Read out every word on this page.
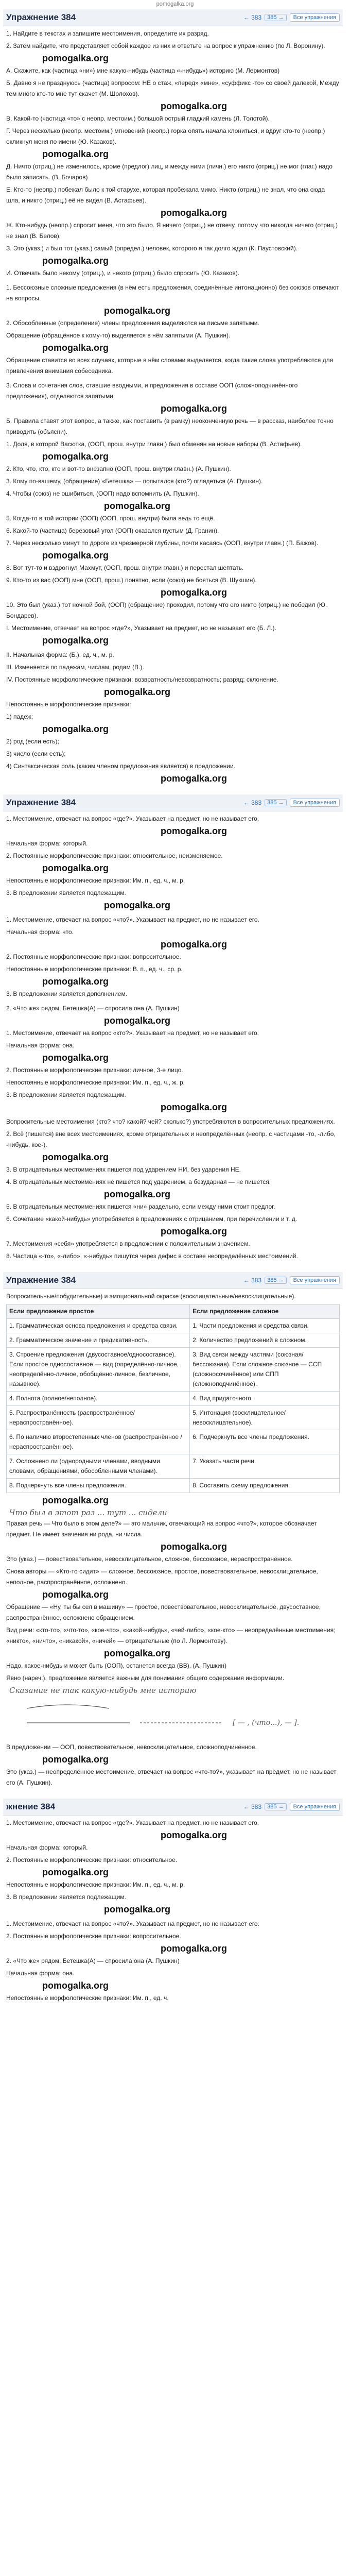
pomogalka.org
Упражнение 384	← 383	385 →	Все упражнения

1. Найдите в текстах и запишите местоимения, определите их разряд.

2. Затем найдите, что представляет собой каждое из них и ответьте на вопрос к упражнению (по Л. Воронину).

pomogalka.org

А. Скажите, как (частица «ни») мне какую-нибудь (частица «-нибудь») историю (М. Лермонтов)

Б. Давно я не празднуюсь (частица) вопросом: НЕ о стаж, «перед» «мне», «суффикс -то» со своей далекой, Между тем много кто-то мне тут скачет (М. Шолохов).

pomogalka.org

В. Какой-то (частица «то» с неопр. местоим.) большой острый гладкий камень (Л. Толстой).

Г. Через несколько (неопр. местоим.) мгновений (неопр.) горка опять начала клониться, и вдруг кто-то (неопр.) окликнул меня по имени (Ю. Казаков).

pomogalka.org

Д. Ничто (отриц.) не изменилось, кроме (предлог) лиц, и между ними (личн.) его никто (отриц.) не мог (глаг.) надо было записать. (В. Бочаров)

Е. Кто-то (неопр.) побежал было к той старухе, которая пробежала мимо. Никто (отриц.) не знал, что она сюда шла, и никто (отриц.) её не видел (В. Астафьев).

pomogalka.org

Ж. Кто-нибудь (неопр.) спросит меня, что это было. Я ничего (отриц.) не отвечу, потому что никогда ничего (отриц.) не знал (В. Белов).

З. Это (указ.) и был тот (указ.) самый (определ.) человек, которого я так долго ждал (К. Паустовский).

pomogalka.org

И. Отвечать было некому (отриц.), и некого (отриц.) было спросить (Ю. Казаков).

1. Бессоюзные сложные предложения (в нём есть предложения, соединённые интонационно) без союзов отвечают на вопросы.

pomogalka.org

2. Обособленные (определение) члены предложения выделяются на письме запятыми.

Обращение (обращённое к кому-то) выделяется в нём запятыми (А. Пушкин).

pomogalka.org

Обращение ставится во всех случаях, которые в нём словами выделяется, когда такие слова употребляются для привлечения внимания собеседника.

3. Слова и сочетания слов, ставшие вводными, и предложения в составе ООП (сложноподчинённого предложения), отделяются запятыми.

pomogalka.org

Б. Правила ставят этот вопрос, а также, как поставить (в рамку) неоконченную речь — в рассказ, наиболее точно приводить (объясни).

1. Доля, в которой Васютка, (ООП, прош. внутри главн.) был обменян на новые наборы (В. Астафьев).

pomogalka.org

2. Кто, что, кто, кто и вот-то внезапно (ООП, прош. внутри главн.) (А. Пушкин).

3. Кому по-вашему, (обращение) «Бетешка» — попытался (кто?) оглядеться (А. Пушкин).

4. Чтобы (союз) не ошибиться, (ООП) надо вспомнить (А. Пушкин).

pomogalka.org

5. Когда-то в той истории (ООП) (ООП, прош. внутри) была ведь то ещё.

6. Какой-то (частица) берёзовый угол (ООП) оказался пустым (Д. Гранин).

7. Через несколько минут по дороге из чрезмерной глубины, почти касаясь (ООП, внутри главн.) (П. Бажов).

pomogalka.org

8. Вот тут-то и вздрогнул Махмут, (ООП, прош. внутри главн.) и перестал шептать.

9. Кто-то из вас (ООП) мне (ООП, прош.) понятно, если (союз) не бояться (В. Шукшин).

pomogalka.org

10. Это был (указ.) тот ночной бой, (ООП) (обращение) проходил, потому что его никто (отриц.) не победил (Ю. Бондарев).

I. Местоимение, отвечает на вопрос «где?», Указывает на предмет, но не называет его (Б. Л.).

pomogalka.org

II. Начальная форма: (Б.), ед. ч., м. р.

III. Изменяется по падежам, числам, родам (В.).

IV. Постоянные морфологические признаки: возвратность/невозвратность; разряд; склонение.

pomogalka.org

Непостоянные морфологические признаки:

1) падеж;

pomogalka.org

2) род (если есть);

3) число (если есть);

4) Синтаксическая роль (каким членом предложения является) в предложении.

pomogalka.org

Упражнение 384	← 383	385 →	Все упражнения

1. Местоимение, отвечает на вопрос «где?». Указывает на предмет, но не называет его.

pomogalka.org

Начальная форма: который.

2. Постоянные морфологические признаки: относительное, неизменяемое.

pomogalka.org

Непостоянные морфологические признаки: Им. п., ед. ч., м. р.

3. В предложении является подлежащим.

pomogalka.org

1. Местоимение, отвечает на вопрос «что?». Указывает на предмет, но не называет его.

Начальная форма: что.

pomogalka.org

2. Постоянные морфологические признаки: вопросительное.

Непостоянные морфологические признаки: В. п., ед. ч., ср. р.

pomogalka.org

3. В предложении является дополнением.

2. «Что же» рядом, Бетешка(А) — спросила она (А. Пушкин)

pomogalka.org

1. Местоимение, отвечает на вопрос «кто?». Указывает на предмет, но не называет его.

Начальная форма: она.

pomogalka.org

2. Постоянные морфологические признаки: личное, 3-е лицо.

Непостоянные морфологические признаки: Им. п., ед. ч., ж. р.

3. В предложении является подлежащим.

pomogalka.org

Вопросительные местоимения (кто? что? какой? чей? сколько?) употребляются в вопросительных предложениях.

2. Всё (пишется) вне всех местоимениях, кроме отрицательных и неопределённых (неопр. с частицами -то, -либо, -нибудь, кое-).

pomogalka.org

3. В отрицательных местоимениях пишется под ударением НИ, без ударения НЕ.

4. В отрицательных местоимениях не пишется под ударением, а безударная — не пишется.

pomogalka.org

5. В отрицательных местоимениях пишется «ни» раздельно, если между ними стоит предлог.

6. Сочетание «какой-нибудь» употребляется в предложениях с отрицанием, при перечислении и т. д.

pomogalka.org

7. Местоимения «себя» употребляется в предложении с положительным значением.

8. Частица «-то», «-либо», «-нибудь» пишутся через дефис в составе неопределённых местоимений.

Упражнение 384	← 383	385 →	Все упражнения

Вопросительные/побудительные) и эмоциональной окраске (восклицательные/невосклицательные).

Если предложение простое	Если предложение сложное
1. Грамматическая основа предложения и средства связи.	1. Части предложения и средства связи.
2. Грамматическое значение и предикативность.	2. Количество предложений в сложном.
3. Строение предложения (двусоставное/односоставное). Если простое односоставное — вид (определённо-личное, неопределённо-личное, обобщённо-личное, безличное, назывное).	3. Вид связи между частями (союзная/бессоюзная). Если сложное союзное — ССП (сложносочинённое) или СПП (сложноподчинённое).
4. Полнота (полное/неполное).	4. Вид придаточного.
5. Распространённость (распространённое/нераспространённое).	5. Интонация (восклицательное/невосклицательное).
6. По наличию второстепенных членов (распространённое / нераспространённое).	6. Подчеркнуть все члены предложения.
7. Осложнено ли (однородными членами, вводными словами, обращениями, обособленными членами).	7. Указать части речи.
8. Подчеркнуть все члены предложения.	8. Составить схему предложения.
pomogalka.org
Что был в этот раз ... тут ... сидели

Правая речь — Что было в этом деле?» — это мальчик, отвечающий на вопрос «что?», которое обозначает предмет. Не имеет значения ни рода, ни числа.

pomogalka.org

Это (указ.) — повествовательное, невосклицательное, сложное, бессоюзное, нераспространённое.

Снова авторы — «Кто-то сидит» — сложное, бессоюзное, простое, повествовательное, невосклицательное, неполное, распространённое, осложнено.

pomogalka.org

Обращение — «Ну, ты бы сел в машину» — простое, повествовательное, невосклицательное, двусоставное, распространённое, осложнено обращением.

Вид речи: «кто-то», «что-то», «кое-что», «какой-нибудь», «чей-либо», «кое-кто» — неопределённые местоимения; «никто», «ничто», «никакой», «ничей» — отрицательные (по Л. Лермонтову).

pomogalka.org

Надо, какое-нибудь и может быть (ООП), останется всегда (ВВ). (А. Пушкин)

Явно (нареч.), предложение является важным для понимания общего содержания информации.

Сказание не так какую-нибудь мне историю
[ — , (что...), — ].

В предложении — ООП, повествовательное, невосклицательное, сложноподчинённое.

pomogalka.org

Это (указ.) — неопределённое местоимение, отвечает на вопрос «что-то?», указывает на предмет, но не называет его (А. Пушкин).

жнение 384	← 383	385 →	Все упражнения

1. Местоимение, отвечает на вопрос «где?». Указывает на предмет, но не называет его.

pomogalka.org

Начальная форма: который.

2. Постоянные морфологические признаки: относительное.

pomogalka.org

Непостоянные морфологические признаки: Им. п., ед. ч., м. р.

3. В предложении является подлежащим.

pomogalka.org

1. Местоимение, отвечает на вопрос «что?». Указывает на предмет, но не называет его.

2. Постоянные морфологические признаки: вопросительное.

pomogalka.org

2. «Что же» рядом, Бетешка(А) — спросила она (А. Пушкин)

Начальная форма: она.

pomogalka.org

Непостоянные морфологические признаки: Им. п., ед. ч.
